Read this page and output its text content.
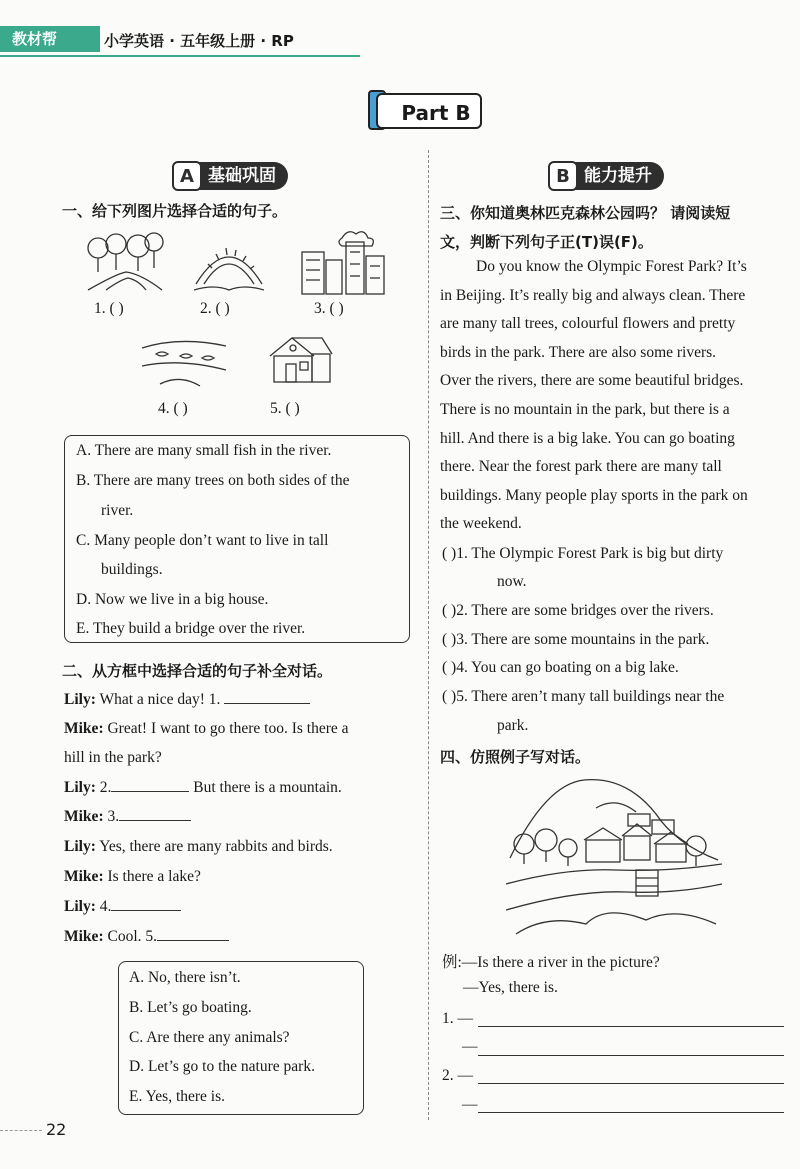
教材帮	小学英语 · 五年级上册 · RP
Part B
基础巩固
A
一、给下列图片选择合适的句子。
1. ( )	2. ( )	3. ( )
4. ( )	5. ( )
A. There are many small fish in the river.
B. There are many trees on both sides of the
river.
C. Many people don’t want to live in tall
buildings.
D. Now we live in a big house.
E. They build a bridge over the river.
二、从方框中选择合适的句子补全对话。
Lily: What a nice day! 1.
Mike: Great! I want to go there too. Is there a
hill in the park?
Lily: 2.	But there is a mountain.
Mike: 3.
Lily: Yes, there are many rabbits and birds.
Mike: Is there a lake?
Lily: 4.
Mike: Cool. 5.
A. No, there isn’t.
B. Let’s go boating.
C. Are there any animals?
D. Let’s go to the nature park.
E. Yes, there is.
能力提升
B
三、你知道奥林匹克森林公园吗？ 请阅读短
文，判断下列句子正(T)误(F)。
Do you know the Olympic Forest Park? It’s
in Beijing. It’s really big and always clean. There
are many tall trees, colourful flowers and pretty
birds in the park. There are also some rivers.
Over the rivers, there are some beautiful bridges.
There is no mountain in the park, but there is a
hill. And there is a big lake. You can go boating
there. Near the forest park there are many tall
buildings. Many people play sports in the park on
the weekend.
( )1. The Olympic Forest Park is big but dirty
now.
( )2. There are some bridges over the rivers.
( )3. There are some mountains in the park.
( )4. You can go boating on a big lake.
( )5. There aren’t many tall buildings near the
park.
四、仿照例子写对话。
例:—Is there a river in the picture?
—Yes, there is.
1. —
—
2. —
—
22
